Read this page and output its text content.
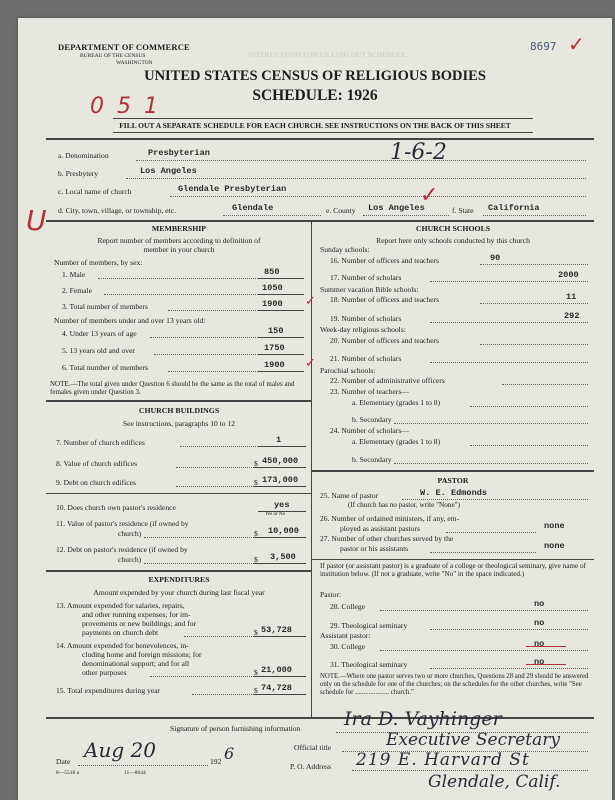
DEPARTMENT OF COMMERCE
BUREAU OF THE CENSUS
WASHINGTON
INSTRUCTIONS FOR FILLING OUT SCHEDULE
8697 ✓
UNITED STATES CENSUS OF RELIGIOUS BODIES
SCHEDULE: 1926
0 5 1
FILL OUT A SEPARATE SCHEDULE FOR EACH CHURCH. SEE INSTRUCTIONS ON THE BACK OF THIS SHEET
a. Denomination	Presbyterian	1-6-2
b. Presbytery	Los Angeles
c. Local name of church	Glendale Presbyterian
d. City, town, village, or township, etc.	Glendale	e. County Los Angeles
✓
f. State California
U	MEMBERSHIP
Report number of members according to definition of
member in your church
Number of members, by sex:
1. Male	850
2. Female	1050
3. Total number of members	1900 ✓
Number of members under and over 13 years old:
4. Under 13 years of age	150
5. 13 years old and over	1750
6. Total number of members	1900 ✓
NOTE.—The total given under Question 6 should be the same as the total of males and females given under Question 3.
CHURCH BUILDINGS
See instructions, paragraphs 10 to 12
7. Number of church edifices	1
8. Value of church edifices	$ 450,000
9. Debt on church edifices	$ 173,000
10. Does church own pastor's residence	yes
Yes or No
11. Value of pastor's residence (if owned by
church)	$ 10,000
12. Debt on pastor's residence (if owned by
church)	$ 3,500
EXPENDITURES
Amount expended by your church during last fiscal year
13. Amount expended for salaries, repairs,
and other running expenses; for im-
provements or new buildings; and for
payments on church debt	$ 53,728
14. Amount expended for benevolences, in-
cluding home and foreign missions; for
denominational support; and for all
other purposes	$ 21,000
15. Total expenditures during year	$ 74,728
CHURCH SCHOOLS
Report here only schools conducted by this church
Sunday schools:
16. Number of officers and teachers	90
17. Number of scholars	2000
Summer vacation Bible schools:
18. Number of officers and teachers	11
19. Number of scholars	292
Week-day religious schools:
20. Number of officers and teachers
21. Number of scholars
Parochial schools:
22. Number of administrative officers
23. Number of teachers—
a. Elementary (grades 1 to 8)
b. Secondary
24. Number of scholars—
a. Elementary (grades 1 to 8)
b. Secondary
PASTOR
25. Name of pastor	W. E. Edmonds
(If church has no pastor, write "None")
26. Number of ordained ministers, if any, em-
ployed as assistant pastors	none
27. Number of other churches served by the
pastor or his assistants	none
If pastor (or assistant pastor) is a graduate of a college or theological seminary, give name of institution below. (If not a graduate, write "No" in the space indicated.)
Pastor:
28. College	no
29. Theological seminary	no
Assistant pastor:
30. College	no
31. Theological seminary	no
NOTE.—Where one pastor serves two or more churches, Questions 28 and 29 should be answered only on the schedule for one of the churches; on the schedules for the other churches, write "See schedule for .................... church."
Signature of person furnishing information Ira D. Vayhinger
Official title	Executive Secretary
Date Aug 20	192 6
P. O. Address 219 E. Harvard St
Glendale, Calif.
8—5518 a	11—8044
